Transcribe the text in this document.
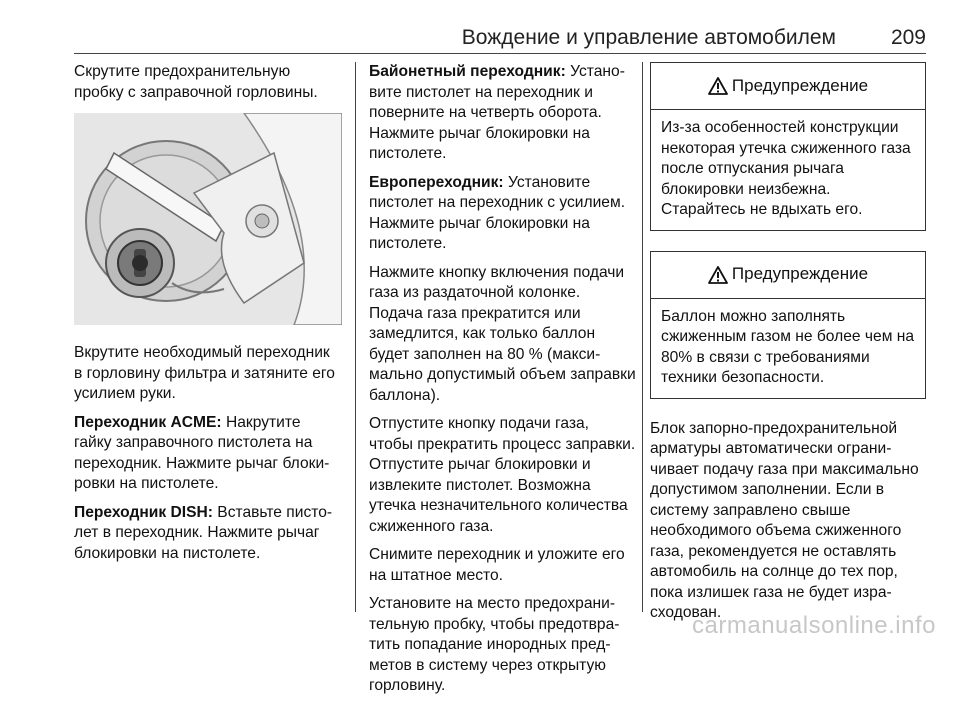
Вождение и управление автомобилем	209

Скрутите предохранительную пробку с заправочной горловины.

Вкрутите необходимый переходник в горловину фильтра и затяните его усилием руки.

Переходник ACME: Накрутите гайку заправочного пистолета на переходник. Нажмите рычаг блокировки на пистолете.

Переходник DISH: Вставьте пистолет в переходник. Нажмите рычаг блокировки на пистолете.

Байонетный переходник: Установите пистолет на переходник и поверните на четверть оборота. Нажмите рычаг блокировки на пистолете.

Европереходник: Установите пистолет на переходник с усилием. Нажмите рычаг блокировки на пистолете.

Нажмите кнопку включения подачи газа из раздаточной колонке. Подача газа прекратится или замедлится, как только баллон будет заполнен на 80 % (максимально допустимый объем заправки баллона).

Отпустите кнопку подачи газа, чтобы прекратить процесс заправки. Отпустите рычаг блокировки и извлеките пистолет. Возможна утечка незначительного количества сжиженного газа.

Снимите переходник и уложите его на штатное место.

Установите на место предохранительную пробку, чтобы предотвратить попадание инородных предметов в систему через открытую горловину.

Предупреждение
Из-за особенностей конструкции некоторая утечка сжиженного газа после отпускания рычага блокировки неизбежна. Старайтесь не вдыхать его.
Предупреждение
Баллон можно заполнять сжиженным газом не более чем на 80% в связи с требованиями техники безопасности.

Блок запорно-предохранительной арматуры автоматически ограничивает подачу газа при максимально допустимом заполнении. Если в систему заправлено свыше необходимого объема сжиженного газа, рекомендуется не оставлять автомобиль на солнце до тех пор, пока излишек газа не будет израсходован.

carmanualsonline.info
